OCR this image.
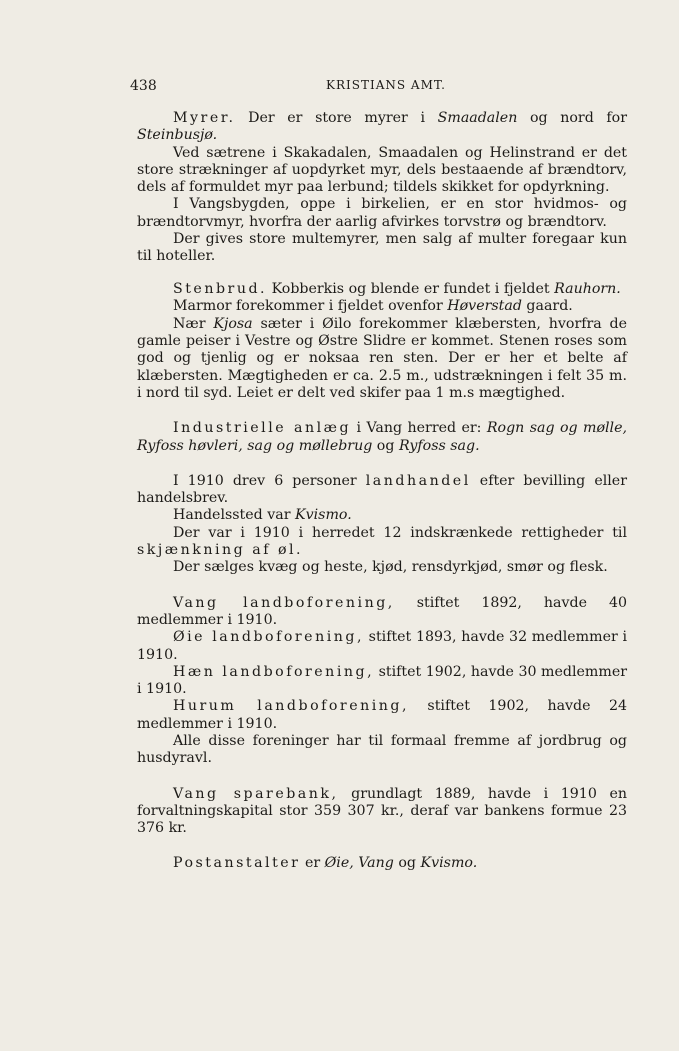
438	KRISTIANS AMT.

Myrer. Der er store myrer i Smaadalen og nord for Steinbusjø.

Ved sætrene i Skakadalen, Smaadalen og Helinstrand er det store strækninger af uopdyrket myr, dels bestaaende af brændtorv, dels af formuldet myr paa lerbund; tildels skikket for opdyrkning.

I Vangsbygden, oppe i birkelien, er en stor hvidmos- og brændtorvmyr, hvorfra der aarlig afvirkes torvstrø og brændtorv.

Der gives store multemyrer, men salg af multer foregaar kun til hoteller.

Stenbrud. Kobberkis og blende er fundet i fjeldet Rauhorn.

Marmor forekommer i fjeldet ovenfor Høverstad gaard.

Nær Kjosa sæter i Øilo forekommer klæbersten, hvorfra de gamle peiser i Vestre og Østre Slidre er kommet. Stenen roses som god og tjenlig og er noksaa ren sten. Der er her et belte af klæbersten. Mægtigheden er ca. 2.5 m., udstrækningen i felt 35 m. i nord til syd. Leiet er delt ved skifer paa 1 m.s mægtighed.

Industrielle anlæg i Vang herred er: Rogn sag og mølle, Ryfoss høvleri, sag og møllebrug og Ryfoss sag.

I 1910 drev 6 personer landhandel efter bevilling eller handelsbrev.

Handelssted var Kvismo.

Der var i 1910 i herredet 12 indskrænkede rettigheder til skjænkning af øl.

Der sælges kvæg og heste, kjød, rensdyrkjød, smør og flesk.

Vang landboforening, stiftet 1892, havde 40 medlemmer i 1910.

Øie landboforening, stiftet 1893, havde 32 medlemmer i 1910.

Hæn landboforening, stiftet 1902, havde 30 medlemmer i 1910.

Hurum landboforening, stiftet 1902, havde 24 medlemmer i 1910.

Alle disse foreninger har til formaal fremme af jordbrug og husdyravl.

Vang sparebank, grundlagt 1889, havde i 1910 en forvaltningskapital stor 359 307 kr., deraf var bankens formue 23 376 kr.

Postanstalter er Øie, Vang og Kvismo.
